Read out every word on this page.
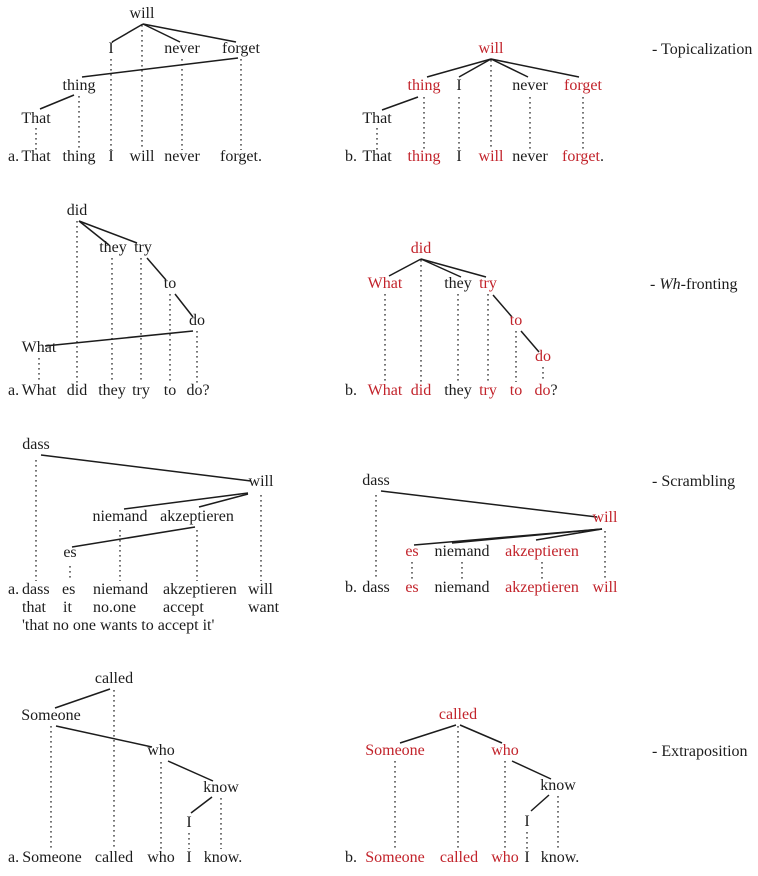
will
I	never forget
thing
That
a. That thing I will never forget.
will
thing I	never forget
That
b. That thing I will never forget.
- Topicalization
did
they try
to
do
What
a. What did they try to do?
did
What	they try
to
do
b. What did they try to do?
- Wh-fronting
dass
will
niemand akzeptieren
es
a. dass es niemand akzeptieren will
that it no.one accept	want
'that no one wants to accept it'
dass
will
es niemand akzeptieren
b. dass es niemand akzeptieren will
- Scrambling
called
Someone
who
know
I
a. Someone called who I know.
called
Someone	who
know
I
b. Someone called who I know.
- Extraposition
